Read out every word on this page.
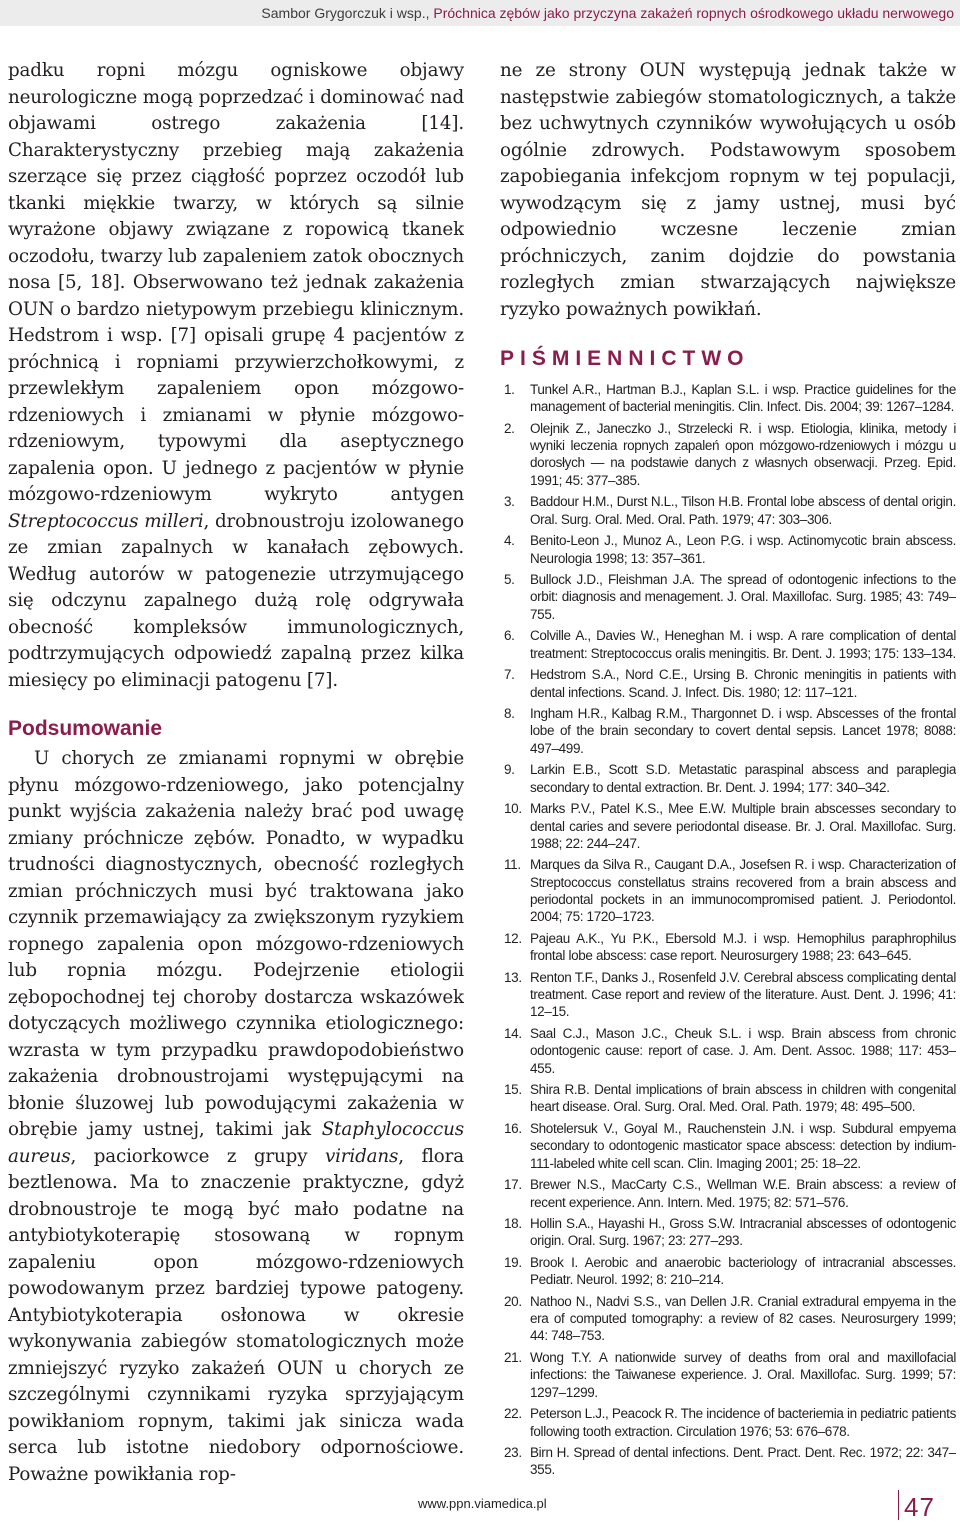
Sambor Grygorczuk i wsp., Próchnica zębów jako przyczyna zakażeń ropnych ośrodkowego układu nerwowego

padku ropni mózgu ogniskowe objawy neurologiczne mogą poprzedzać i dominować nad objawami ostrego zakażenia [14]. Charakterystyczny przebieg mają zakażenia szerzące się przez ciągłość poprzez oczodół lub tkanki miękkie twarzy, w których są silnie wyrażone objawy związane z ropowicą tkanek oczodołu, twarzy lub zapaleniem zatok obocznych nosa [5, 18]. Obserwowano też jednak zakażenia OUN o bardzo nietypowym przebiegu klinicznym. Hedstrom i wsp. [7] opisali grupę 4 pacjentów z próchnicą i ropniami przywierzchołkowymi, z przewlekłym zapaleniem opon mózgowo-rdzeniowych i zmianami w płynie mózgowo-rdzeniowym, typowymi dla aseptycznego zapalenia opon. U jednego z pacjentów w płynie mózgowo-rdzeniowym wykryto antygen Streptococcus milleri, drobnoustroju izolowanego ze zmian zapalnych w kanałach zębowych. Według autorów w patogenezie utrzymującego się odczynu zapalnego dużą rolę odgrywała obecność kompleksów immunologicznych, podtrzymujących odpowiedź zapalną przez kilka miesięcy po eliminacji patogenu [7].

Podsumowanie

U chorych ze zmianami ropnymi w obrębie płynu mózgowo-rdzeniowego, jako potencjalny punkt wyjścia zakażenia należy brać pod uwagę zmiany próchnicze zębów. Ponadto, w wypadku trudności diagnostycznych, obecność rozległych zmian próchniczych musi być traktowana jako czynnik przemawiający za zwiększonym ryzykiem ropnego zapalenia opon mózgowo-rdzeniowych lub ropnia mózgu. Podejrzenie etiologii zębopochodnej tej choroby dostarcza wskazówek dotyczących możliwego czynnika etiologicznego: wzrasta w tym przypadku prawdopodobieństwo zakażenia drobnoustrojami występującymi na błonie śluzowej lub powodującymi zakażenia w obrębie jamy ustnej, takimi jak Staphylococcus aureus, paciorkowce z grupy viridans, flora beztlenowa. Ma to znaczenie praktyczne, gdyż drobnoustroje te mogą być mało podatne na antybiotykoterapię stosowaną w ropnym zapaleniu opon mózgowo-rdzeniowych powodowanym przez bardziej typowe patogeny. Antybiotykoterapia osłonowa w okresie wykonywania zabiegów stomatologicznych może zmniejszyć ryzyko zakażeń OUN u chorych ze szczególnymi czynnikami ryzyka sprzyjającym powikłaniom ropnym, takimi jak sinicza wada serca lub istotne niedobory odpornościowe. Poważne powikłania rop-

ne ze strony OUN występują jednak także w następstwie zabiegów stomatologicznych, a także bez uchwytnych czynników wywołujących u osób ogólnie zdrowych. Podstawowym sposobem zapobiegania infekcjom ropnym w tej populacji, wywodzącym się z jamy ustnej, musi być odpowiednio wczesne leczenie zmian próchniczych, zanim dojdzie do powstania rozległych zmian stwarzających największe ryzyko poważnych powikłań.

PIŚMIENNICTWO
1.	Tunkel A.R., Hartman B.J., Kaplan S.L. i wsp. Practice guidelines for the management of bacterial meningitis. Clin. Infect. Dis. 2004; 39: 1267–1284.
2.	Olejnik Z., Janeczko J., Strzelecki R. i wsp. Etiologia, klinika, metody i wyniki leczenia ropnych zapaleń opon mózgowo-rdzeniowych i mózgu u dorosłych — na podstawie danych z własnych obserwacji. Przeg. Epid. 1991; 45: 377–385.
3.	Baddour H.M., Durst N.L., Tilson H.B. Frontal lobe abscess of dental origin. Oral. Surg. Oral. Med. Oral. Path. 1979; 47: 303–306.
4.	Benito-Leon J., Munoz A., Leon P.G. i wsp. Actinomycotic brain abscess. Neurologia 1998; 13: 357–361.
5.	Bullock J.D., Fleishman J.A. The spread of odontogenic infections to the orbit: diagnosis and menagement. J. Oral. Maxillofac. Surg. 1985; 43: 749–755.
6.	Colville A., Davies W., Heneghan M. i wsp. A rare complication of dental treatment: Streptococcus oralis meningitis. Br. Dent. J. 1993; 175: 133–134.
7.	Hedstrom S.A., Nord C.E., Ursing B. Chronic meningitis in patients with dental infections. Scand. J. Infect. Dis. 1980; 12: 117–121.
8.	Ingham H.R., Kalbag R.M., Thargonnet D. i wsp. Abscesses of the frontal lobe of the brain secondary to covert dental sepsis. Lancet 1978; 8088: 497–499.
9.	Larkin E.B., Scott S.D. Metastatic paraspinal abscess and paraplegia secondary to dental extraction. Br. Dent. J. 1994; 177: 340–342.
10. Marks P.V., Patel K.S., Mee E.W. Multiple brain abscesses secondary to dental caries and severe periodontal disease. Br. J. Oral. Maxillofac. Surg. 1988; 22: 244–247.
11. Marques da Silva R., Caugant D.A., Josefsen R. i wsp. Characterization of Streptococcus constellatus strains recovered from a brain abscess and periodontal pockets in an immunocompromised patient. J. Periodontol. 2004; 75: 1720–1723.
12. Pajeau A.K., Yu P.K., Ebersold M.J. i wsp. Hemophilus paraphrophilus frontal lobe abscess: case report. Neurosurgery 1988; 23: 643–645.
13. Renton T.F., Danks J., Rosenfeld J.V. Cerebral abscess complicating dental treatment. Case report and review of the literature. Aust. Dent. J. 1996; 41: 12–15.
14. Saal C.J., Mason J.C., Cheuk S.L. i wsp. Brain abscess from chronic odontogenic cause: report of case. J. Am. Dent. Assoc. 1988; 117: 453–455.
15. Shira R.B. Dental implications of brain abscess in children with congenital heart disease. Oral. Surg. Oral. Med. Oral. Path. 1979; 48: 495–500.
16. Shotelersuk V., Goyal M., Rauchenstein J.N. i wsp. Subdural empyema secondary to odontogenic masticator space abscess: detection by indium-111-labeled white cell scan. Clin. Imaging 2001; 25: 18–22.
17. Brewer N.S., MacCarty C.S., Wellman W.E. Brain abscess: a review of recent experience. Ann. Intern. Med. 1975; 82: 571–576.
18. Hollin S.A., Hayashi H., Gross S.W. Intracranial abscesses of odontogenic origin. Oral. Surg. 1967; 23: 277–293.
19. Brook I. Aerobic and anaerobic bacteriology of intracranial abscesses. Pediatr. Neurol. 1992; 8: 210–214.
20. Nathoo N., Nadvi S.S., van Dellen J.R. Cranial extradural empyema in the era of computed tomography: a review of 82 cases. Neurosurgery 1999; 44: 748–753.
21. Wong T.Y. A nationwide survey of deaths from oral and maxillofacial infections: the Taiwanese experience. J. Oral. Maxillofac. Surg. 1999; 57: 1297–1299.
22. Peterson L.J., Peacock R. The incidence of bacteriemia in pediatric patients following tooth extraction. Circulation 1976; 53: 676–678.
23. Birn H. Spread of dental infections. Dent. Pract. Dent. Rec. 1972; 22: 347–355.
www.ppn.viamedica.pl	47
